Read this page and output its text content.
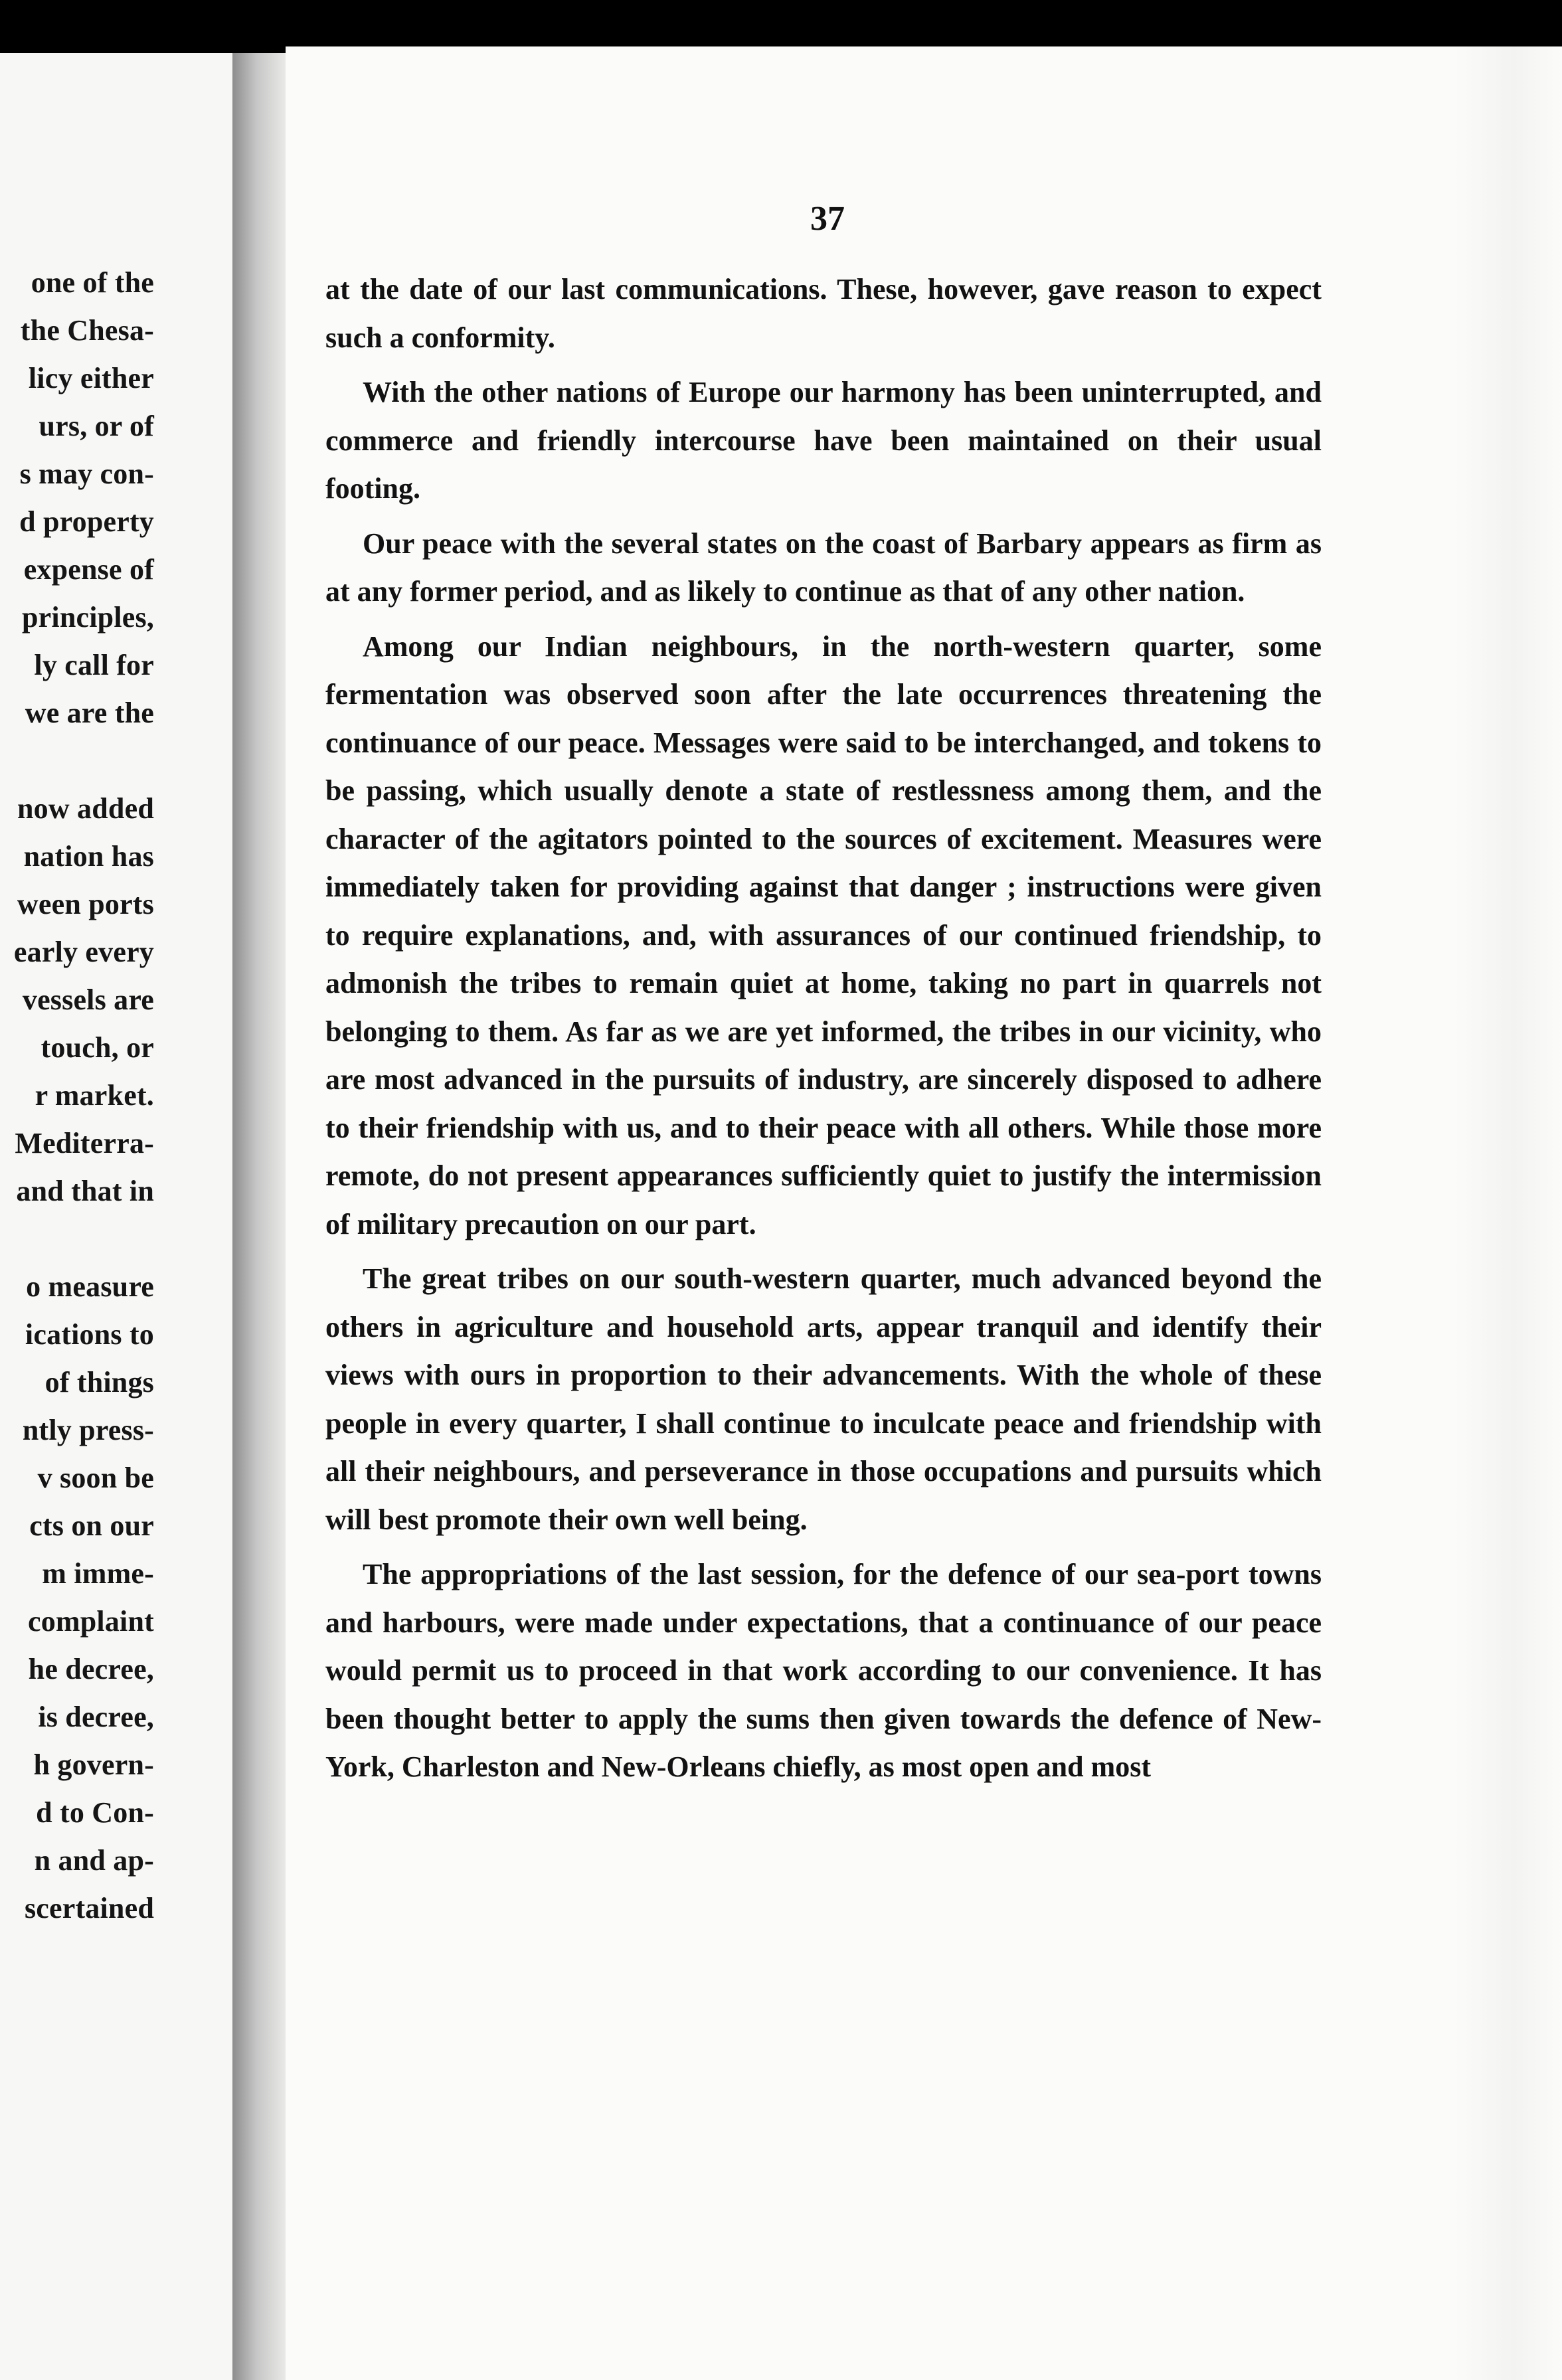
one of the
the Chesa-
licy either
urs, or of
s may con-
d property
expense of
principles,
ly call for
we are the
now added
nation has
ween ports
early every
vessels are
touch, or
r market.
Mediterra-
and that in
o measure
ications to
of things
ntly press-
v soon be
cts on our
m imme-
complaint
he decree,
is decree,
h govern-
d to Con-
n and ap-
scertained
37

at the date of our last communications. These, however, gave reason to expect such a conformity.

With the other nations of Europe our harmony has been uninterrupted, and commerce and friendly intercourse have been maintained on their usual footing.

Our peace with the several states on the coast of Barbary appears as firm as at any former period, and as likely to continue as that of any other nation.

Among our Indian neighbours, in the north-western quarter, some fermentation was observed soon after the late occurrences threatening the continuance of our peace. Messages were said to be interchanged, and tokens to be passing, which usually denote a state of restlessness among them, and the character of the agitators pointed to the sources of excitement. Measures were immediately taken for providing against that danger ; instructions were given to require explanations, and, with assurances of our continued friendship, to admonish the tribes to remain quiet at home, taking no part in quarrels not belonging to them. As far as we are yet informed, the tribes in our vicinity, who are most advanced in the pursuits of industry, are sincerely disposed to adhere to their friendship with us, and to their peace with all others. While those more remote, do not present appearances sufficiently quiet to justify the intermission of military precaution on our part.

The great tribes on our south-western quarter, much advanced beyond the others in agriculture and household arts, appear tranquil and identify their views with ours in proportion to their advancements. With the whole of these people in every quarter, I shall continue to inculcate peace and friendship with all their neighbours, and perseverance in those occupations and pursuits which will best promote their own well being.

The appropriations of the last session, for the defence of our sea-port towns and harbours, were made under expectations, that a continuance of our peace would permit us to proceed in that work according to our convenience. It has been thought better to apply the sums then given towards the defence of New-York, Charleston and New-Orleans chiefly, as most open and most
